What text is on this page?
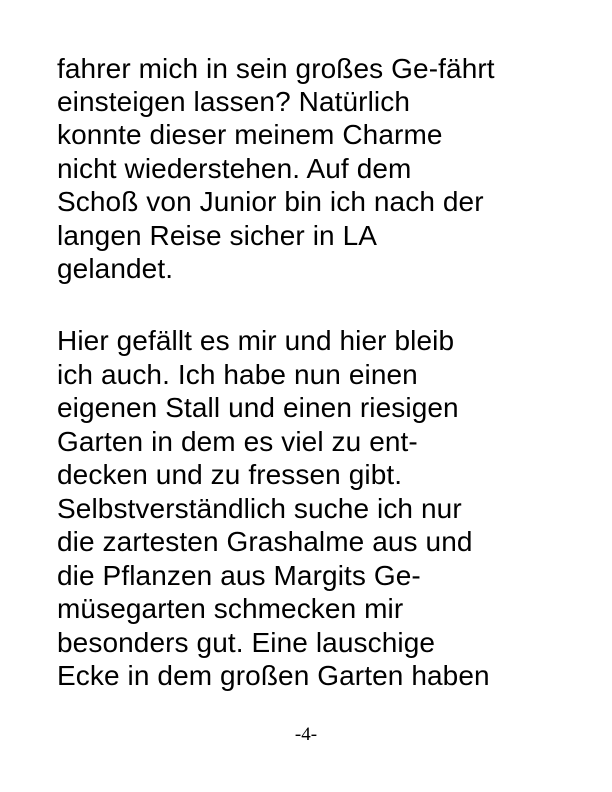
fahrer mich in sein großes Ge-fährt
einsteigen lassen? Natürlich
konnte dieser meinem Charme
nicht wiederstehen. Auf dem
Schoß von Junior bin ich nach der
langen Reise sicher in LA
gelandet.
Hier gefällt es mir und hier bleib
ich auch. Ich habe nun einen
eigenen Stall und einen riesigen
Garten in dem es viel zu ent-
decken und zu fressen gibt.
Selbstverständlich suche ich nur
die zartesten Grashalme aus und
die Pflanzen aus Margits Ge-
müsegarten schmecken mir
besonders gut. Eine lauschige
Ecke in dem großen Garten haben
-4-
